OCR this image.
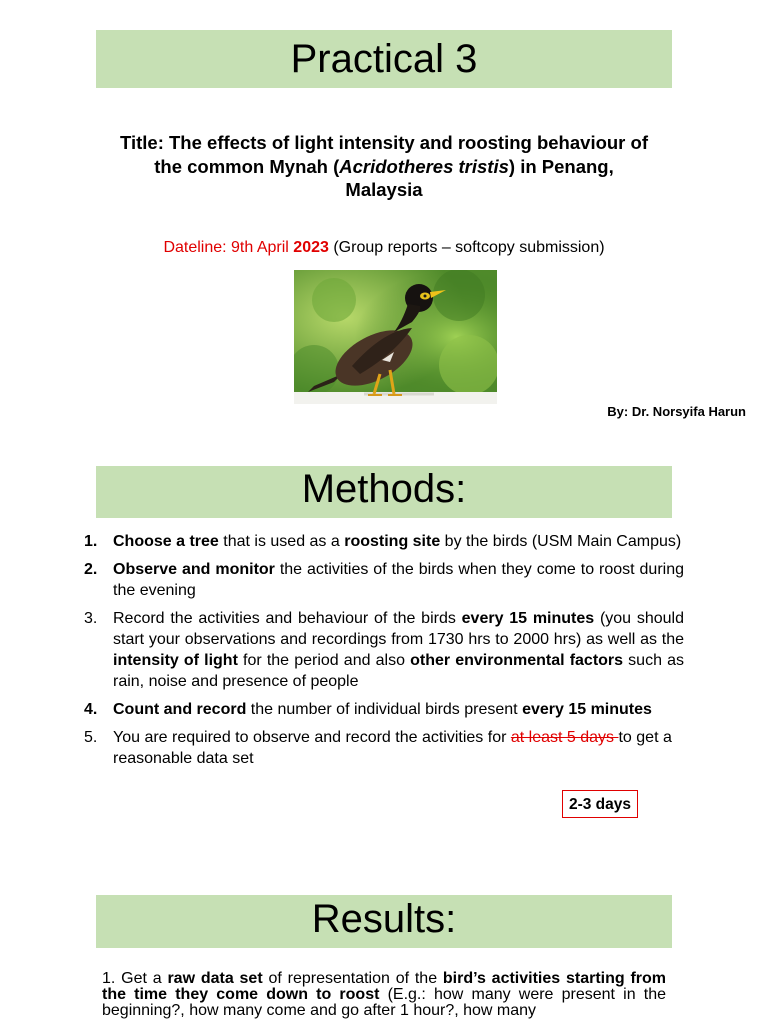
Practical 3
Title: The effects of light intensity and roosting behaviour of
the common Mynah (Acridotheres tristis) in Penang,
Malaysia
Dateline: 9th April 2023 (Group reports – softcopy submission)
By: Dr. Norsyifa Harun
Methods:
1. Choose a tree that is used as a roosting site by the birds (USM Main Campus)
2. Observe and monitor the activities of the birds when they come to roost during the evening
3. Record the activities and behaviour of the birds every 15 minutes (you should start your observations and recordings from 1730 hrs to 2000 hrs) as well as the intensity of light for the period and also other environmental factors such as rain, noise and presence of people
4. Count and record the number of individual birds present every 15 minutes
5. You are required to observe and record the activities for at least 5 days to get a reasonable data set
2-3 days
Results:
1. Get a raw data set of representation of the bird’s activities starting from the time they come down to roost (E.g.: how many were present in the beginning?, how many come and go after 1 hour?, how many
